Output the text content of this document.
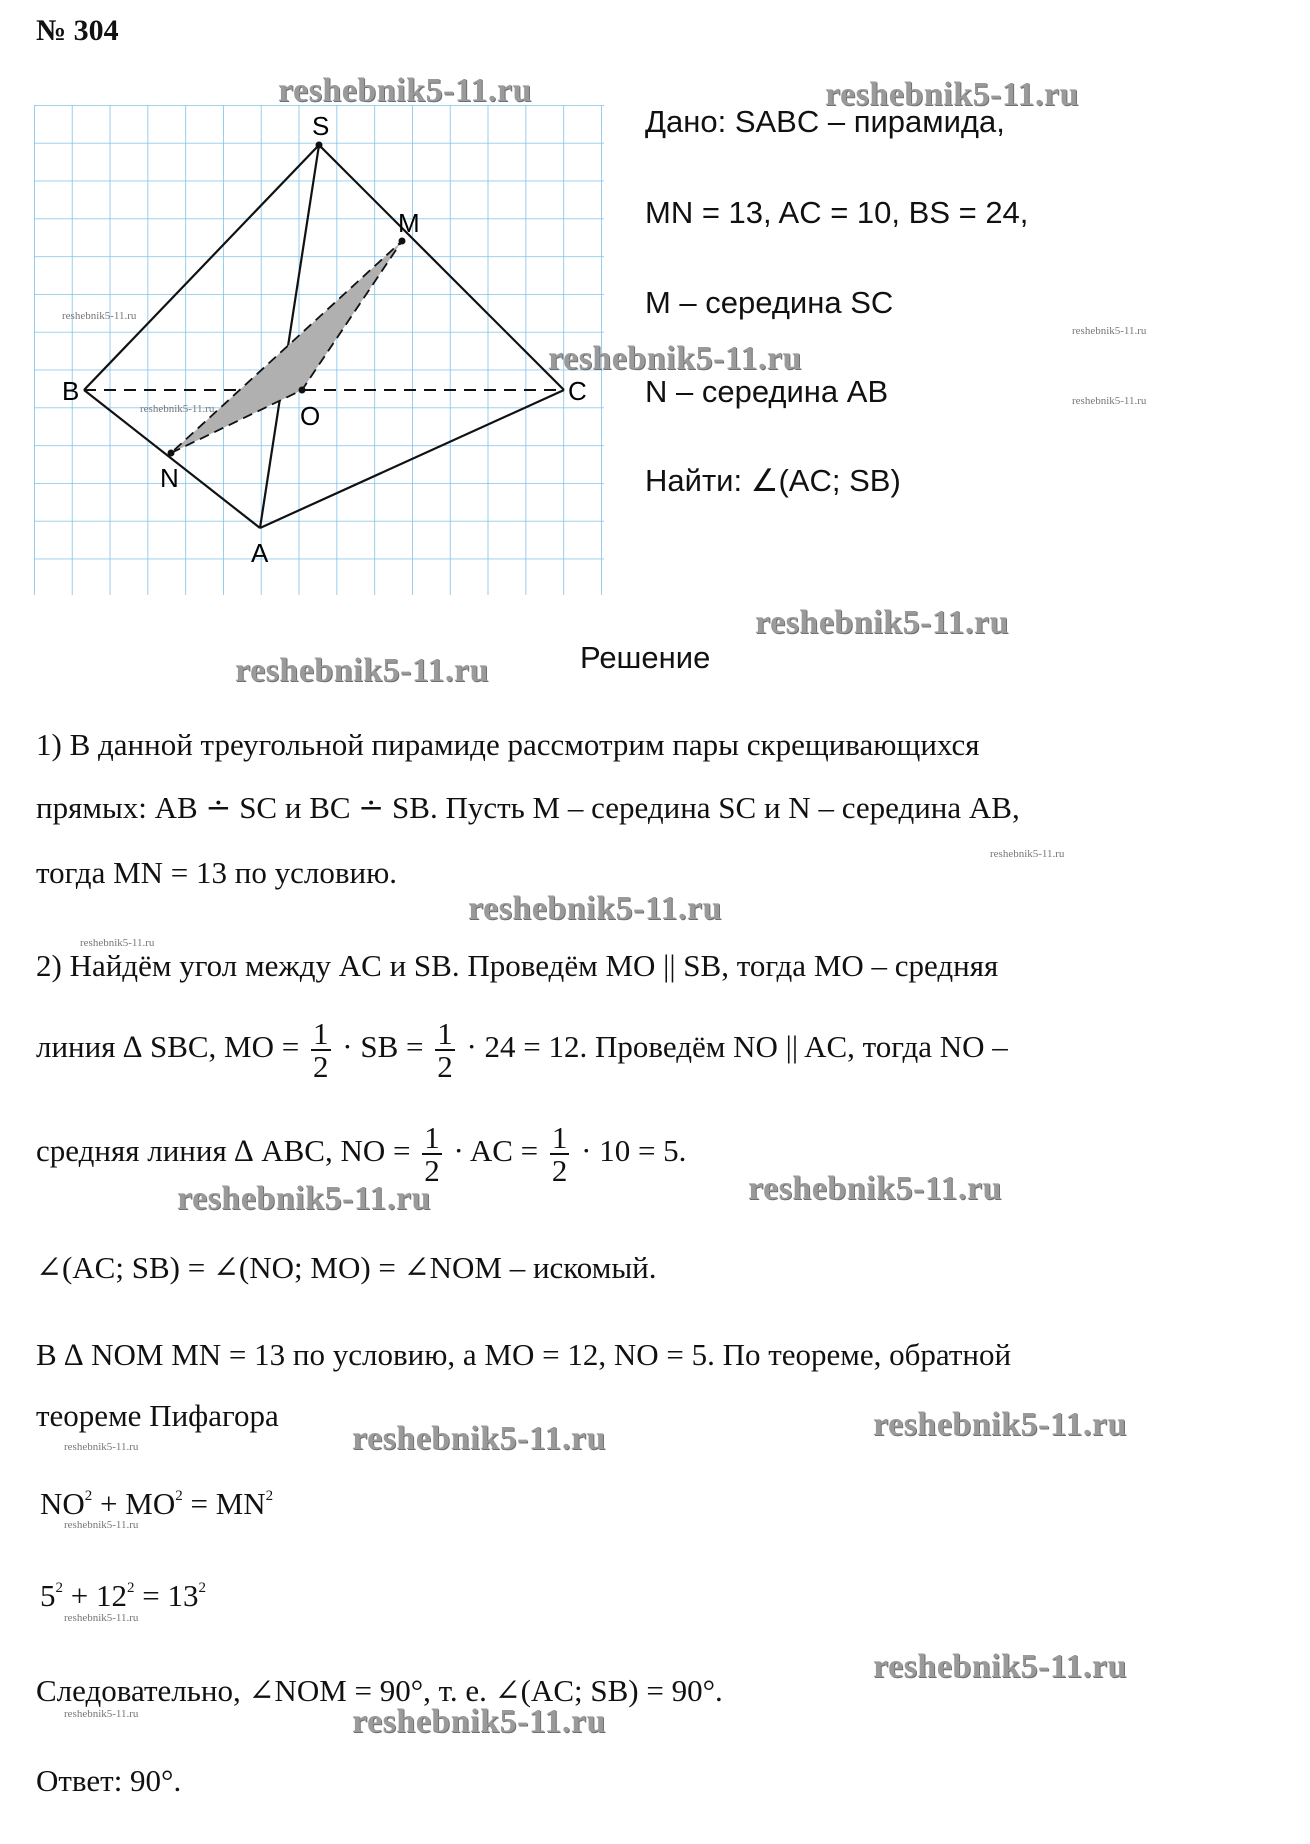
№ 304
S
M
B	C
O
N
A
Дано: SABC – пирамида,
MN = 13, AC = 10, BS = 24,
M – середина SC
N – середина AB
Найти: ∠(AC; SB)
Решение
1) В данной треугольной пирамиде рассмотрим пары скрещивающихся
прямых: AB ∸ SC и BC ∸ SB. Пусть M – середина SC и N – середина AB,
тогда MN = 13 по условию.
2) Найдём угол между AC и SB. Проведём MO || SB, тогда MO – средняя
линия ∆ SBC, MO = $\frac{1}{2}$ · SB = $\frac{1}{2} \cdot 24 = 12$. Проведём NO || AC, тогда NO –
средняя линия ∆ ABC, NO = $\frac{1}{2}$ · AC = $\frac{1}{2} \cdot 10 = 5$.
∠(AC; SB) = ∠(NO; MO) = ∠NOM – искомый.
В ∆ NOM MN = 13 по условию, а MO = 12, NO = 5. По теореме, обратной
теореме Пифагора
$NO^2 + MO^2 = MN^2$
$5^2 + 12^2 = 13^2$
Следовательно, ∠NOM = 90°, т. е. ∠(AC; SB) = 90°.
Ответ: 90°.
reshebnik5-11.ru	reshebnik5-11.ru
reshebnik5-11.ru
reshebnik5-11.ru
reshebnik5-11.ru
reshebnik5-11.ru
reshebnik5-11.ru	reshebnik5-11.ru
reshebnik5-11.ru
reshebnik5-11.ru
reshebnik5-11.ru
reshebnik5-11.ru
reshebnik5-11.ru
reshebnik5-11.ru
reshebnik5-11.ru
reshebnik5-11.ru
reshebnik5-11.ru
reshebnik5-11.ru
reshebnik5-11.ru
reshebnik5-11.ru
reshebnik5-11.ru
reshebnik5-11.ru
